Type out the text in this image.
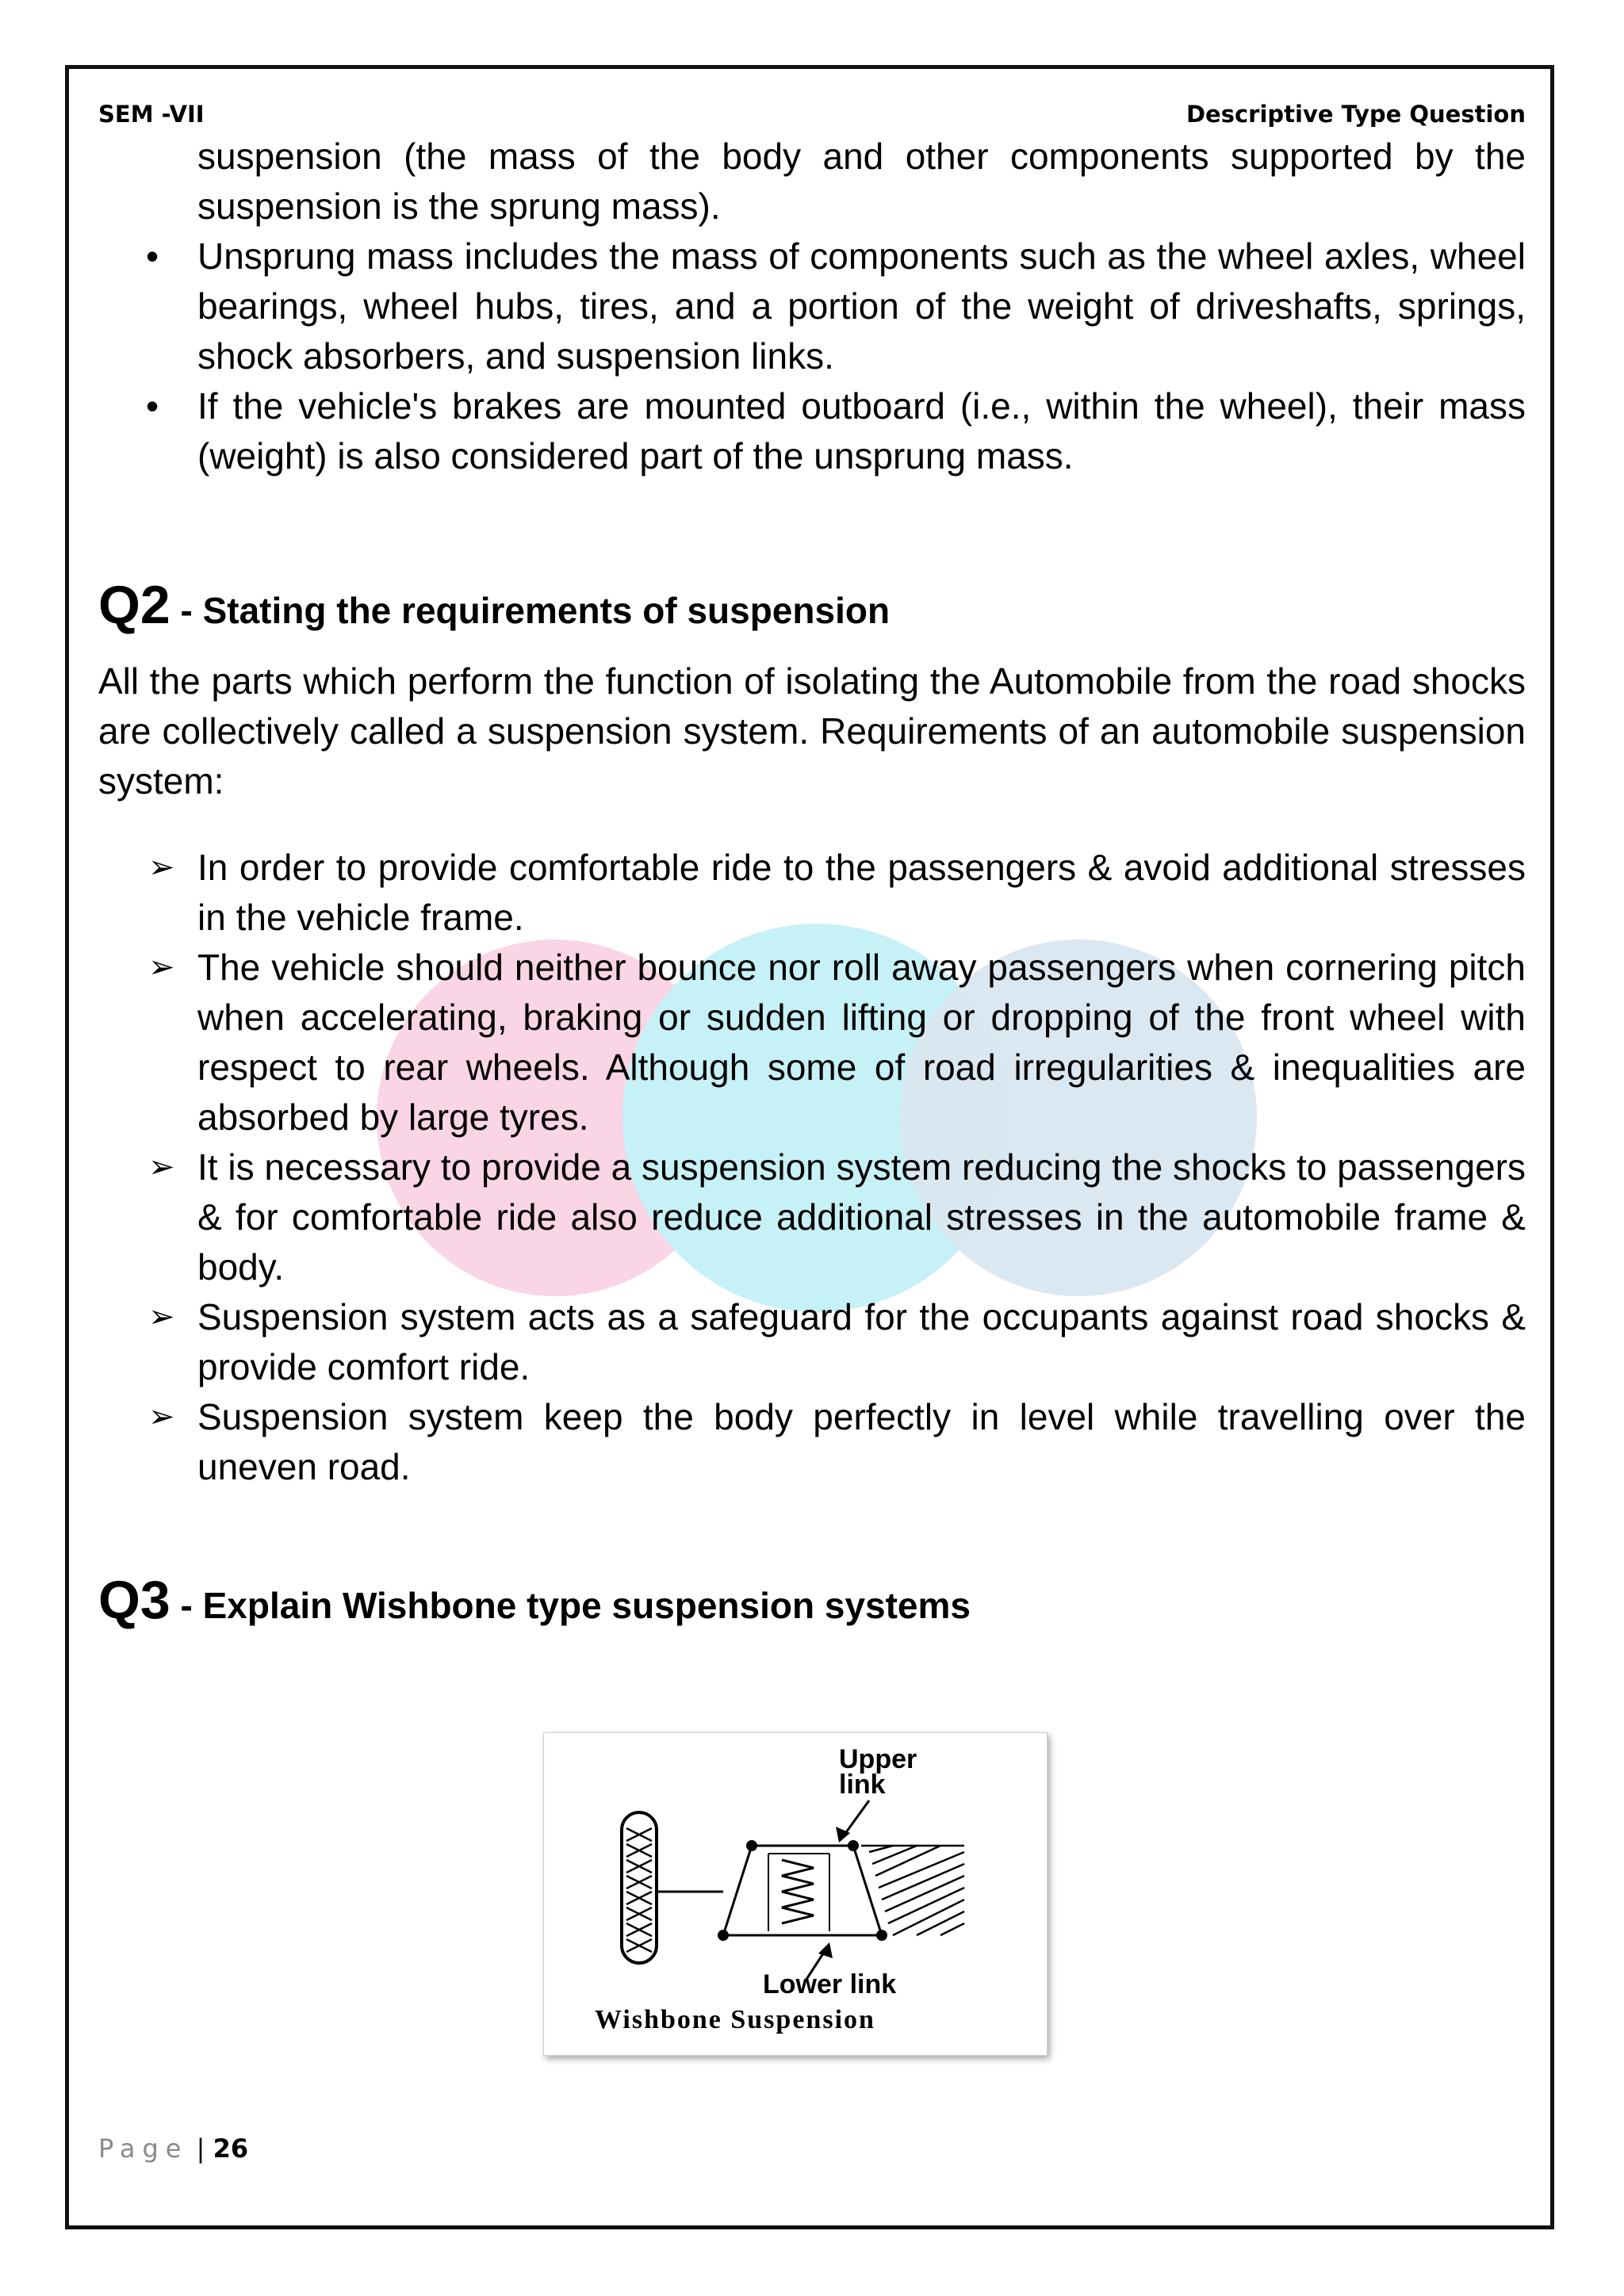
SEM -VII	Descriptive Type Question

suspension (the mass of the body and other components supported by the suspension is the sprung mass).

• Unsprung mass includes the mass of components such as the wheel axles, wheel bearings, wheel hubs, tires, and a portion of the weight of driveshafts, springs, shock absorbers, and suspension links.
• If the vehicle's brakes are mounted outboard (i.e., within the wheel), their mass (weight) is also considered part of the unsprung mass.

Q2 - Stating the requirements of suspension

All the parts which perform the function of isolating the Automobile from the road shocks are collectively called a suspension system. Requirements of an automobile suspension system:

➢ In order to provide comfortable ride to the passengers & avoid additional stresses in the vehicle frame.
➢ The vehicle should neither bounce nor roll away passengers when cornering pitch when accelerating, braking or sudden lifting or dropping of the front wheel with respect to rear wheels. Although some of road irregularities & inequalities are absorbed by large tyres.
➢ It is necessary to provide a suspension system reducing the shocks to passengers & for comfortable ride also reduce additional stresses in the automobile frame & body.
➢ Suspension system acts as a safeguard for the occupants against road shocks & provide comfort ride.
➢ Suspension system keep the body perfectly in level while travelling over the uneven road.

Q3 - Explain Wishbone type suspension systems

Upper
link
Lower link
Wishbone Suspension
Page | 26
